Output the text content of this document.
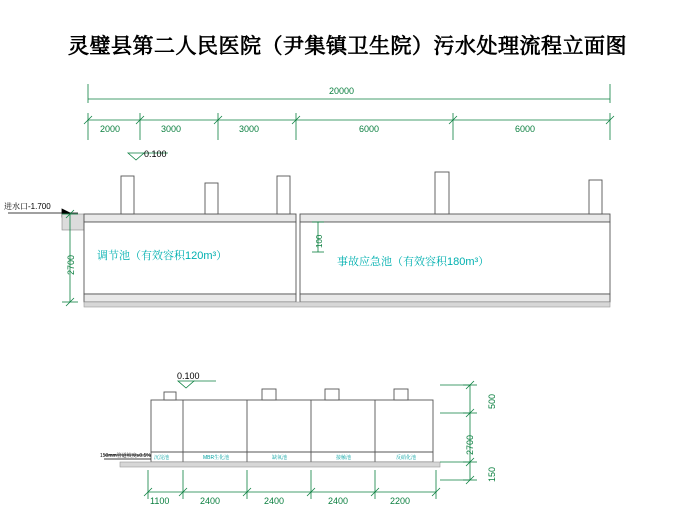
灵璧县第二人民医院（尹集镇卫生院）污水处理流程立面图
20000
2000	3000	3000	6000	6000
0.100
进水口-1.700
2700
100
调节池（有效容积120m³）	事故应急池（有效容积180m³）
0.100
150mm管道坡度≥0.5% 沉淀池	MBR生化池	缺氧池	接触池	反硝化池
1100	2400	2400	2400	2200
500
2700
150
